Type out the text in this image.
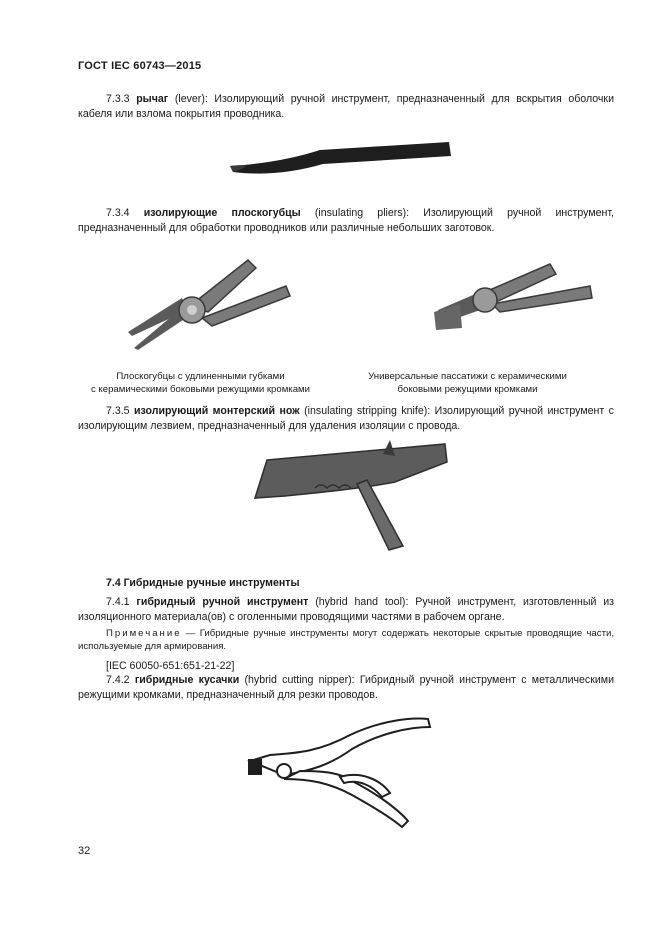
ГОСТ IEC 60743—2015
7.3.3 рычаг (lever): Изолирующий ручной инструмент, предназначенный для вскрытия оболочки кабеля или взлома покрытия проводника.
7.3.4 изолирующие плоскогубцы (insulating pliers): Изолирующий ручной инструмент, предназначенный для обработки проводников или различные небольших заготовок.
Плоскогубцы с удлиненными губками
с керамическими боковыми режущими кромками
Универсальные пассатижи с керамическими
боковыми режущими кромками
7.3.5 изолирующий монтерский нож (insulating stripping knife): Изолирующий ручной инструмент с изолирующим лезвием, предназначенный для удаления изоляции с провода.
7.4 Гибридные ручные инструменты
7.4.1 гибридный ручной инструмент (hybrid hand tool): Ручной инструмент, изготовленный из изоляционного материала(ов) с оголенными проводящими частями в рабочем органе.
Примечание — Гибридные ручные инструменты могут содержать некоторые скрытые проводящие части, используемые для армирования.
[IEC 60050-651:651-21-22]
7.4.2 гибридные кусачки (hybrid cutting nipper): Гибридный ручной инструмент с металлическими режущими кромками, предназначенный для резки проводов.
32
